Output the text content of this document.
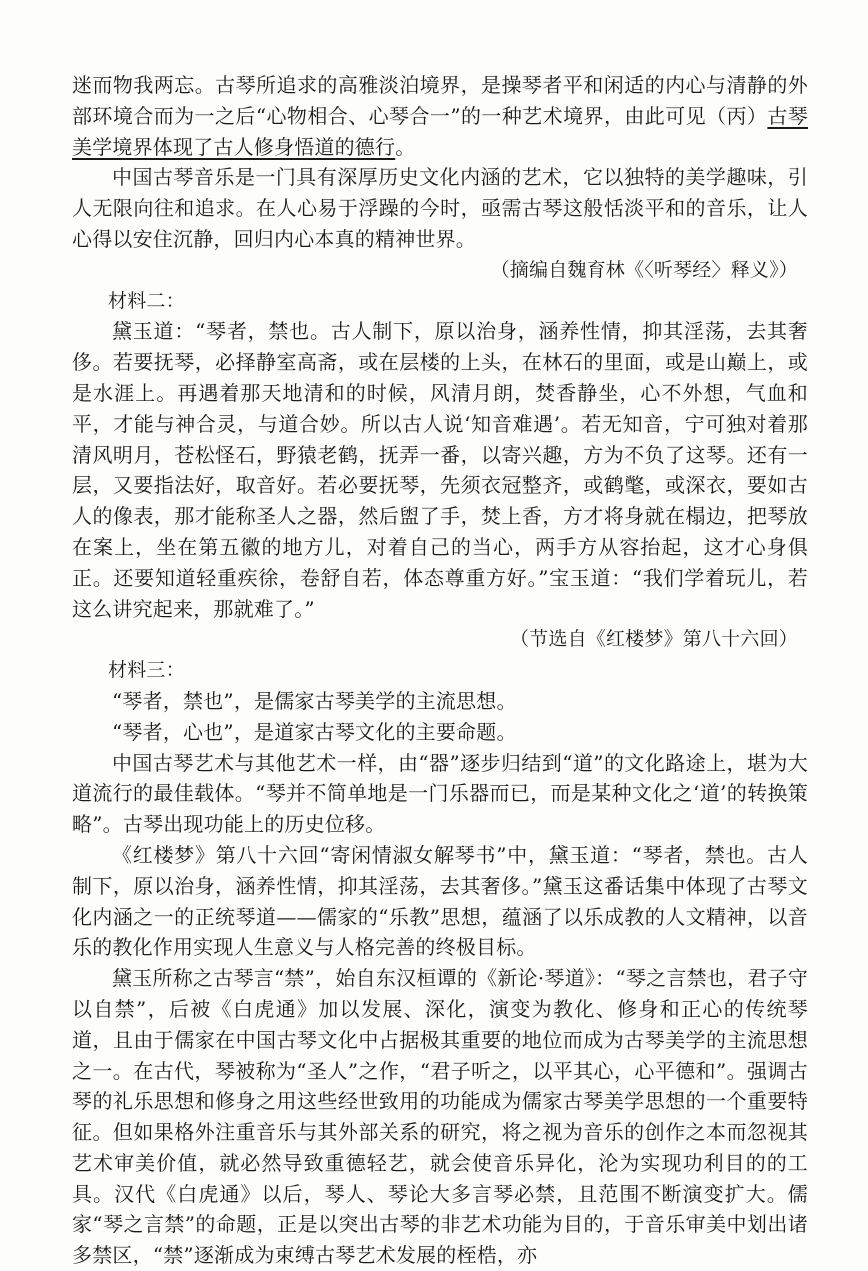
迷而物我两忘。古琴所追求的高雅淡泊境界，是操琴者平和闲适的内心与清静的外部环境合而为一之后“心物相合、心琴合一”的一种艺术境界，由此可见（丙）古琴美学境界体现了古人修身悟道的德行。

中国古琴音乐是一门具有深厚历史文化内涵的艺术，它以独特的美学趣味，引人无限向往和追求。在人心易于浮躁的今时，亟需古琴这般恬淡平和的音乐，让人心得以安住沉静，回归内心本真的精神世界。

（摘编自魏育林《〈听琴经〉释义》）

材料二：

黛玉道：“琴者，禁也。古人制下，原以治身，涵养性情，抑其淫荡，去其奢侈。若要抚琴，必择静室高斋，或在层楼的上头，在林石的里面，或是山巅上，或是水涯上。再遇着那天地清和的时候，风清月朗，焚香静坐，心不外想，气血和平，才能与神合灵，与道合妙。所以古人说‘知音难遇’。若无知音，宁可独对着那清风明月，苍松怪石，野猿老鹤，抚弄一番，以寄兴趣，方为不负了这琴。还有一层，又要指法好，取音好。若必要抚琴，先须衣冠整齐，或鹤氅，或深衣，要如古人的像表，那才能称圣人之器，然后盥了手，焚上香，方才将身就在榻边，把琴放在案上，坐在第五徽的地方儿，对着自己的当心，两手方从容抬起，这才心身俱正。还要知道轻重疾徐，卷舒自若，体态尊重方好。”宝玉道：“我们学着玩儿，若这么讲究起来，那就难了。”

（节选自《红楼梦》第八十六回）

材料三：

“琴者，禁也”，是儒家古琴美学的主流思想。

“琴者，心也”，是道家古琴文化的主要命题。

中国古琴艺术与其他艺术一样，由“器”逐步归结到“道”的文化路途上，堪为大道流行的最佳载体。“琴并不简单地是一门乐器而已，而是某种文化之‘道’的转换策略”。古琴出现功能上的历史位移。

《红楼梦》第八十六回“寄闲情淑女解琴书”中，黛玉道：“琴者，禁也。古人制下，原以治身，涵养性情，抑其淫荡，去其奢侈。”黛玉这番话集中体现了古琴文化内涵之一的正统琴道——儒家的“乐教”思想，蕴涵了以乐成教的人文精神，以音乐的教化作用实现人生意义与人格完善的终极目标。

黛玉所称之古琴言“禁”，始自东汉桓谭的《新论·琴道》：“琴之言禁也，君子守以自禁”，后被《白虎通》加以发展、深化，演变为教化、修身和正心的传统琴道，且由于儒家在中国古琴文化中占据极其重要的地位而成为古琴美学的主流思想之一。在古代，琴被称为“圣人”之作，“君子听之，以平其心，心平德和”。强调古琴的礼乐思想和修身之用这些经世致用的功能成为儒家古琴美学思想的一个重要特征。但如果格外注重音乐与其外部关系的研究，将之视为音乐的创作之本而忽视其艺术审美价值，就必然导致重德轻艺，就会使音乐异化，沦为实现功利目的的工具。汉代《白虎通》以后，琴人、琴论大多言琴必禁，且范围不断演变扩大。儒家“琴之言禁”的命题，正是以突出古琴的非艺术功能为目的，于音乐审美中划出诸多禁区，“禁”逐渐成为束缚古琴艺术发展的桎梏，亦
